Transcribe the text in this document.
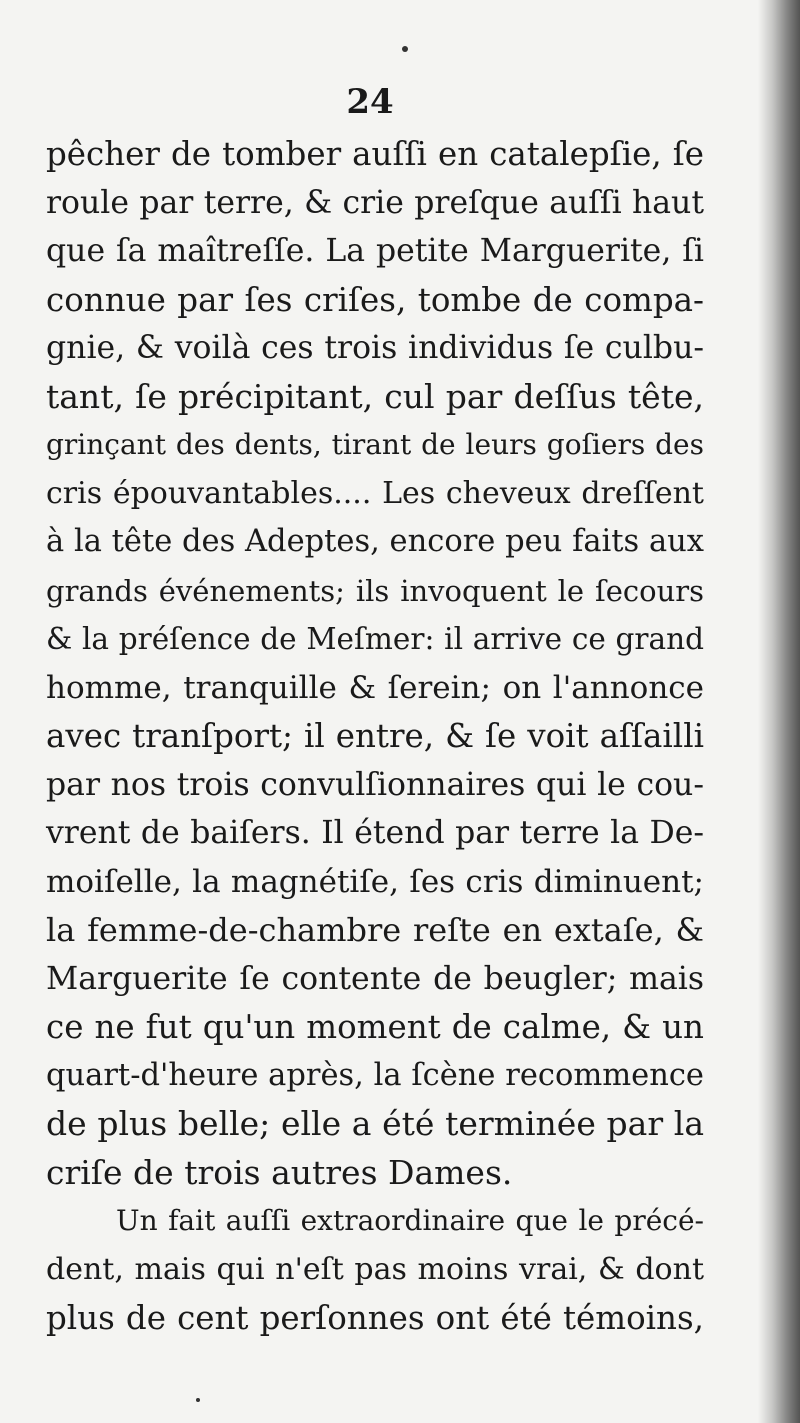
24
pêcher de tomber auſſi en catalepſie, ſe
roule par terre, & crie preſque auſſi haut
que ſa maîtreſſe. La petite Marguerite, ſi
connue par ſes criſes, tombe de compa-
gnie, & voilà ces trois individus ſe culbu-
tant, ſe précipitant, cul par deſſus tête,
grinçant des dents, tirant de leurs goſiers des
cris épouvantables.... Les cheveux dreſſent
à la tête des Adeptes, encore peu faits aux
grands événements; ils invoquent le ſecours
& la préſence de Meſmer: il arrive ce grand
homme, tranquille & ſerein; on l'annonce
avec tranſport; il entre, & ſe voit aſſailli
par nos trois convulſionnaires qui le cou-
vrent de baiſers. Il étend par terre la De-
moiſelle, la magnétiſe, ſes cris diminuent;
la femme-de-chambre reſte en extaſe, &
Marguerite ſe contente de beugler; mais
ce ne fut qu'un moment de calme, & un
quart-d'heure après, la ſcène recommence
de plus belle; elle a été terminée par la
criſe de trois autres Dames.
Un fait auſſi extraordinaire que le précé-
dent, mais qui n'eſt pas moins vrai, & dont
plus de cent perſonnes ont été témoins,
